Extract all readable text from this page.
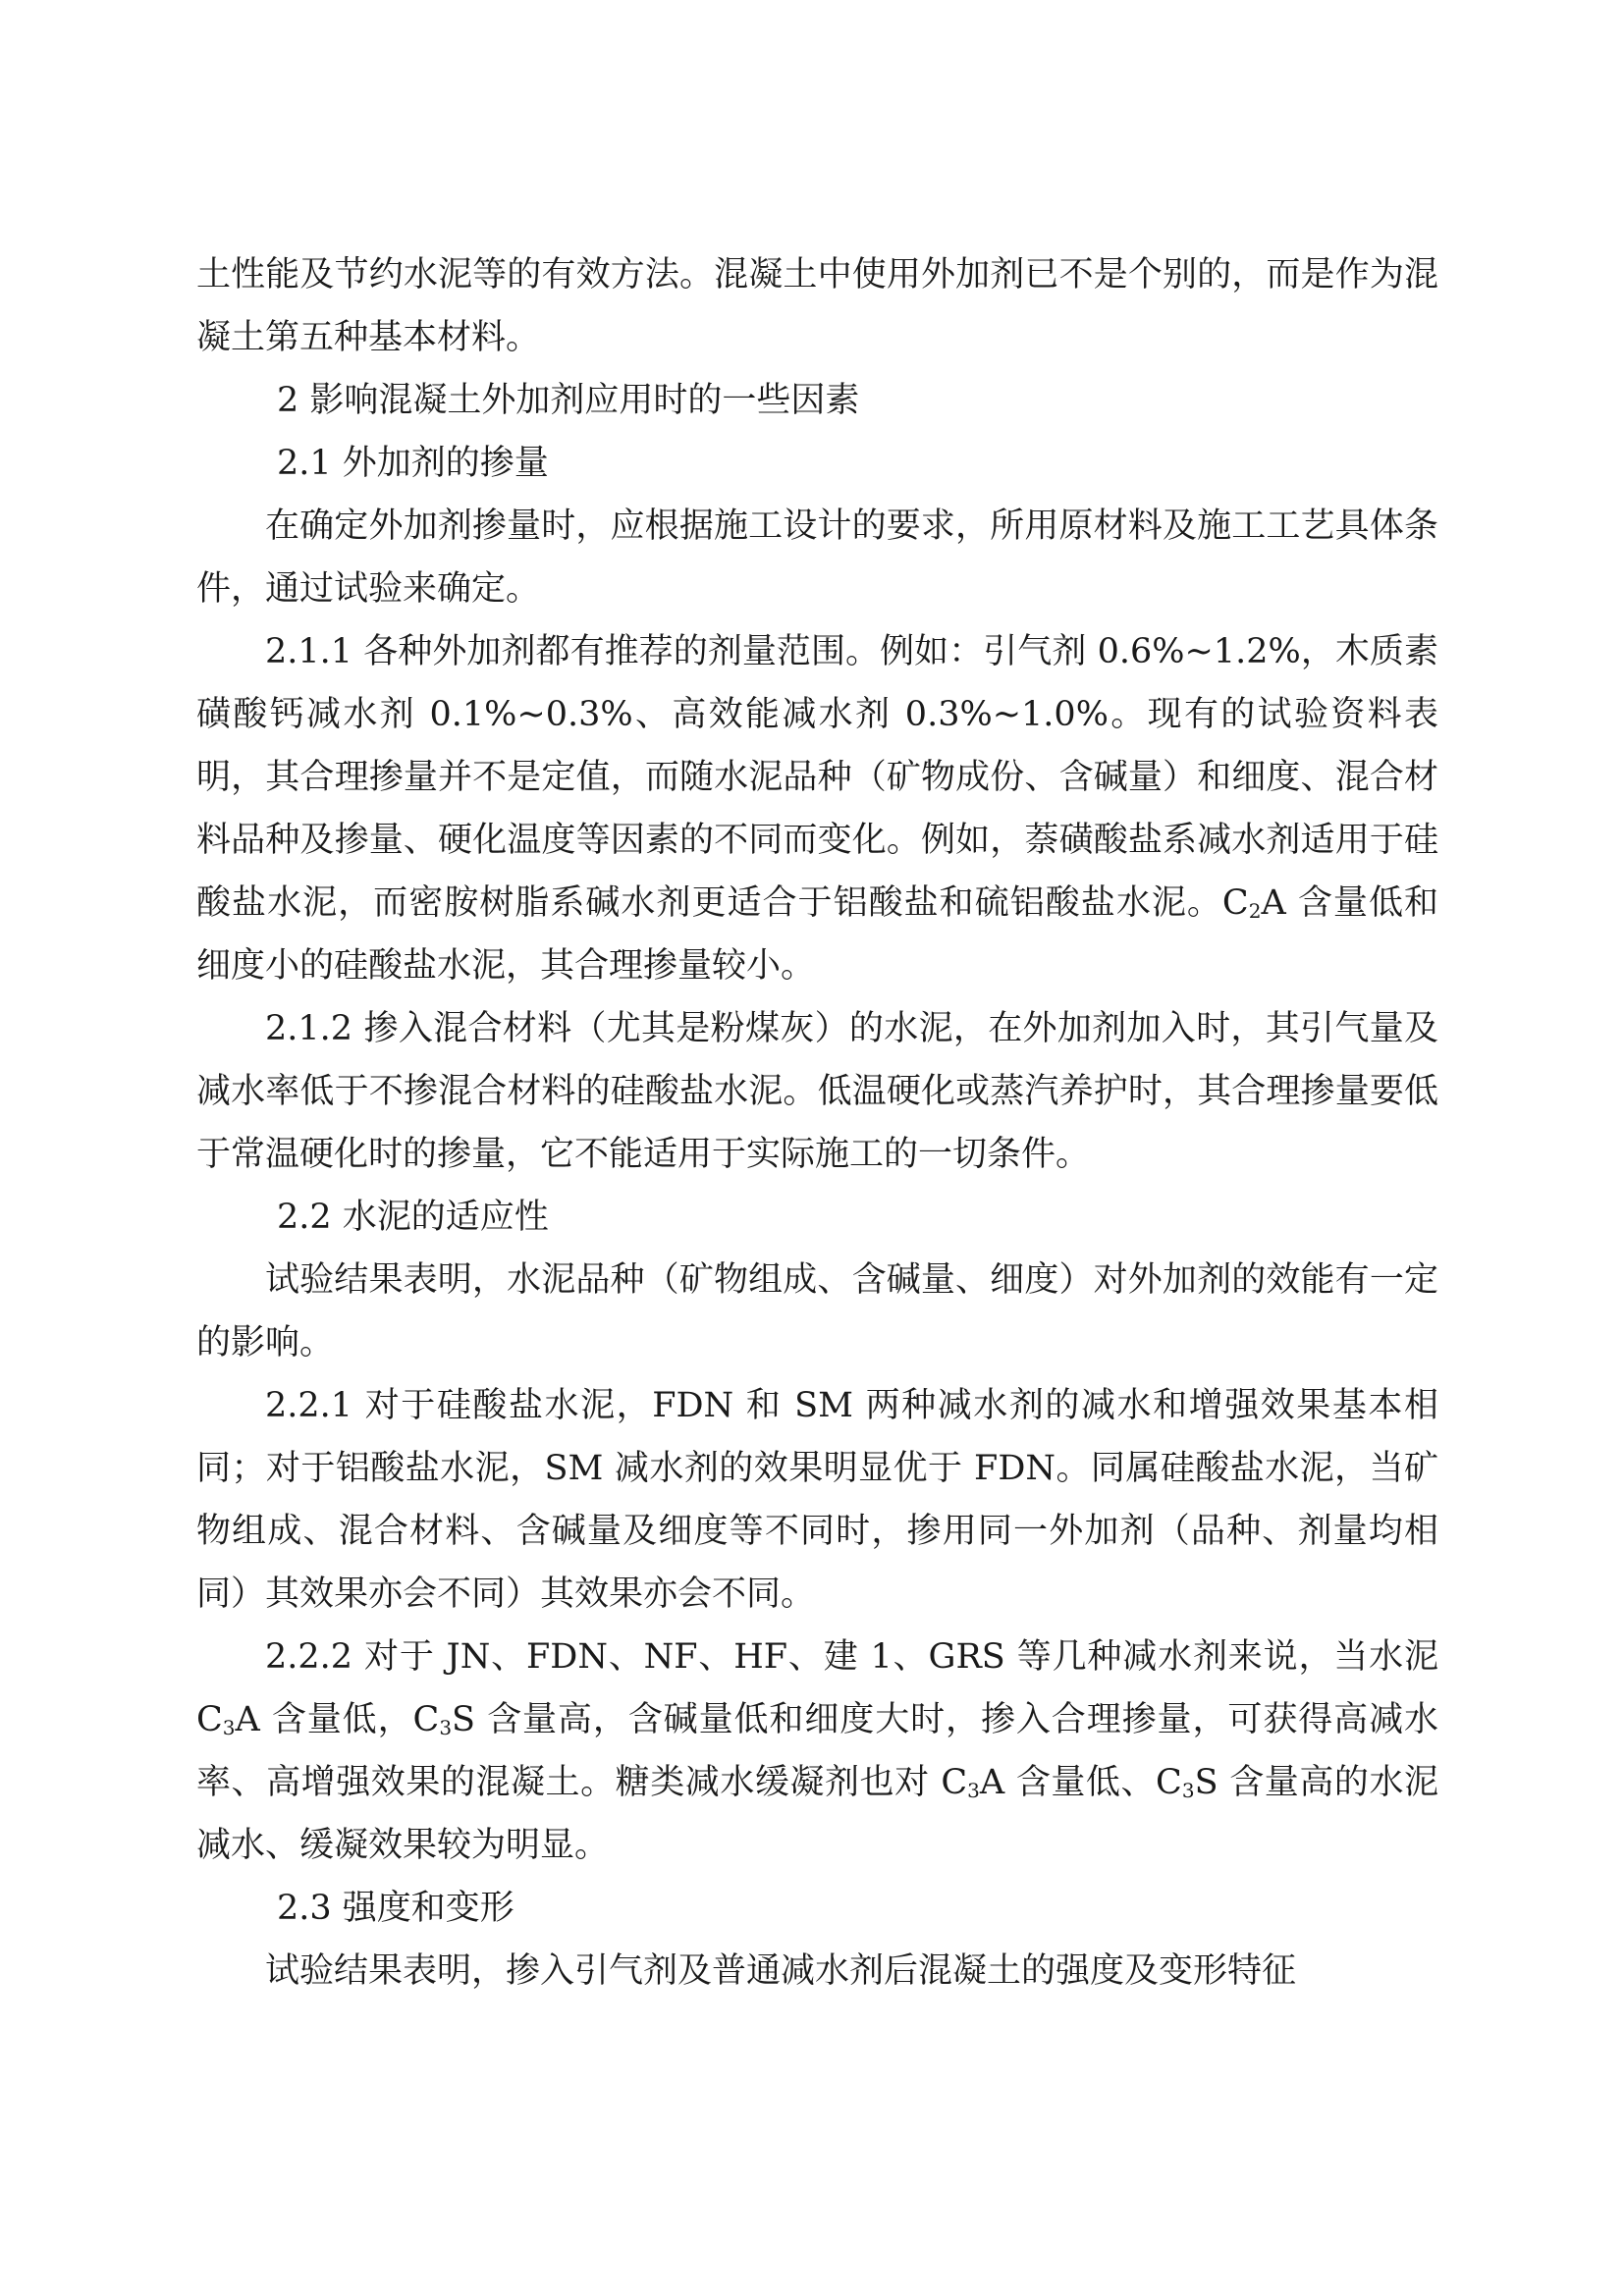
土性能及节约水泥等的有效方法。混凝土中使用外加剂已不是个别的，而是作为混凝土第五种基本材料。

2 影响混凝土外加剂应用时的一些因素

2.1 外加剂的掺量

在确定外加剂掺量时，应根据施工设计的要求，所用原材料及施工工艺具体条件，通过试验来确定。

2.1.1 各种外加剂都有推荐的剂量范围。例如：引气剂 0.6%~1.2%，木质素磺酸钙减水剂 0.1%~0.3%、高效能减水剂 0.3%~1.0%。现有的试验资料表明，其合理掺量并不是定值，而随水泥品种（矿物成份、含碱量）和细度、混合材料品种及掺量、硬化温度等因素的不同而变化。例如，萘磺酸盐系减水剂适用于硅酸盐水泥，而密胺树脂系碱水剂更适合于铝酸盐和硫铝酸盐水泥。$C_2A$ 含量低和细度小的硅酸盐水泥，其合理掺量较小。

2.1.2 掺入混合材料（尤其是粉煤灰）的水泥，在外加剂加入时，其引气量及减水率低于不掺混合材料的硅酸盐水泥。低温硬化或蒸汽养护时，其合理掺量要低于常温硬化时的掺量，它不能适用于实际施工的一切条件。

2.2 水泥的适应性

试验结果表明，水泥品种（矿物组成、含碱量、细度）对外加剂的效能有一定的影响。

2.2.1 对于硅酸盐水泥，FDN 和 SM 两种减水剂的减水和增强效果基本相同；对于铝酸盐水泥，SM 减水剂的效果明显优于 FDN。同属硅酸盐水泥，当矿物组成、混合材料、含碱量及细度等不同时，掺用同一外加剂（品种、剂量均相同）其效果亦会不同）其效果亦会不同。

2.2.2 对于 JN、FDN、NF、HF、建 1、GRS 等几种减水剂来说，当水泥 $C_3A$ 含量低，$C_3S$ 含量高，含碱量低和细度大时，掺入合理掺量，可获得高减水率、高增强效果的混凝土。糖类减水缓凝剂也对 $C_3A$ 含量低、$C_3S$ 含量高的水泥减水、缓凝效果较为明显。

2.3 强度和变形

试验结果表明，掺入引气剂及普通减水剂后混凝土的强度及变形特征
